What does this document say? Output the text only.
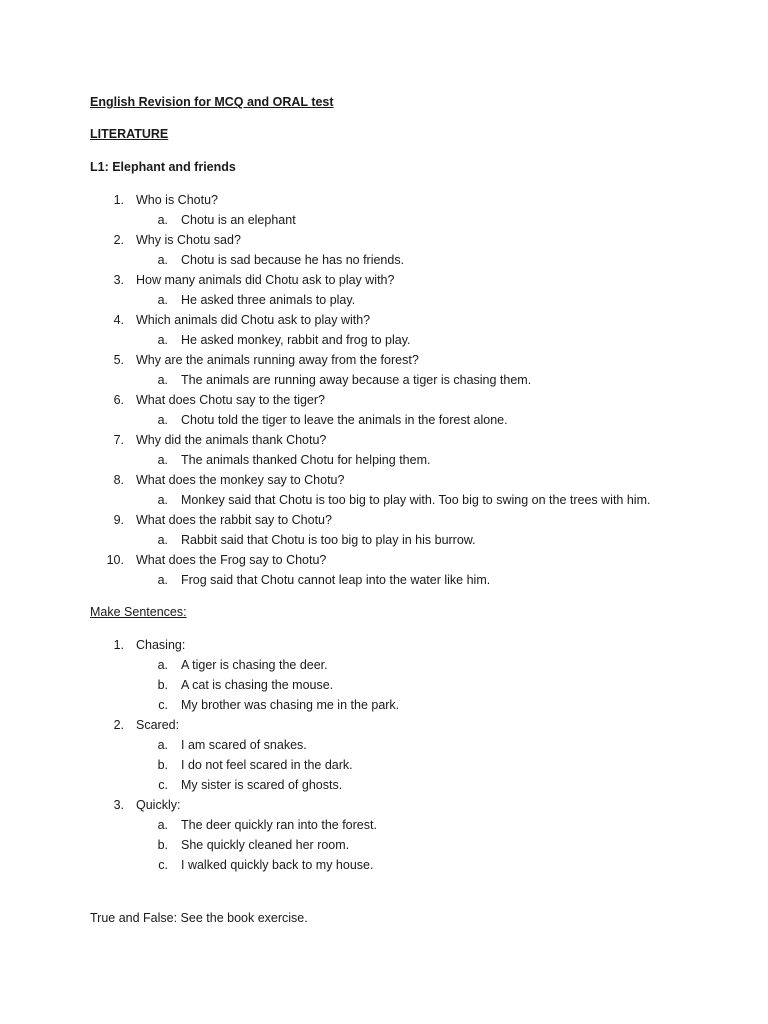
English Revision for MCQ and ORAL test
LITERATURE
L1: Elephant and friends
1. Who is Chotu?
a. Chotu is an elephant
2. Why is Chotu sad?
a. Chotu is sad because he has no friends.
3. How many animals did Chotu ask to play with?
a. He asked three animals to play.
4. Which animals did Chotu ask to play with?
a. He asked monkey, rabbit and frog to play.
5. Why are the animals running away from the forest?
a. The animals are running away because a tiger is chasing them.
6. What does Chotu say to the tiger?
a. Chotu told the tiger to leave the animals in the forest alone.
7. Why did the animals thank Chotu?
a. The animals thanked Chotu for helping them.
8. What does the monkey say to Chotu?
a. Monkey said that Chotu is too big to play with. Too big to swing on the trees with him.
9. What does the rabbit say to Chotu?
a. Rabbit said that Chotu is too big to play in his burrow.
10. What does the Frog say to Chotu?
a. Frog said that Chotu cannot leap into the water like him.
Make Sentences:
1. Chasing:
a. A tiger is chasing the deer.
b. A cat is chasing the mouse.
c. My brother was chasing me in the park.
2. Scared:
a. I am scared of snakes.
b. I do not feel scared in the dark.
c. My sister is scared of ghosts.
3. Quickly:
a. The deer quickly ran into the forest.
b. She quickly cleaned her room.
c. I walked quickly back to my house.
True and False: See the book exercise.
